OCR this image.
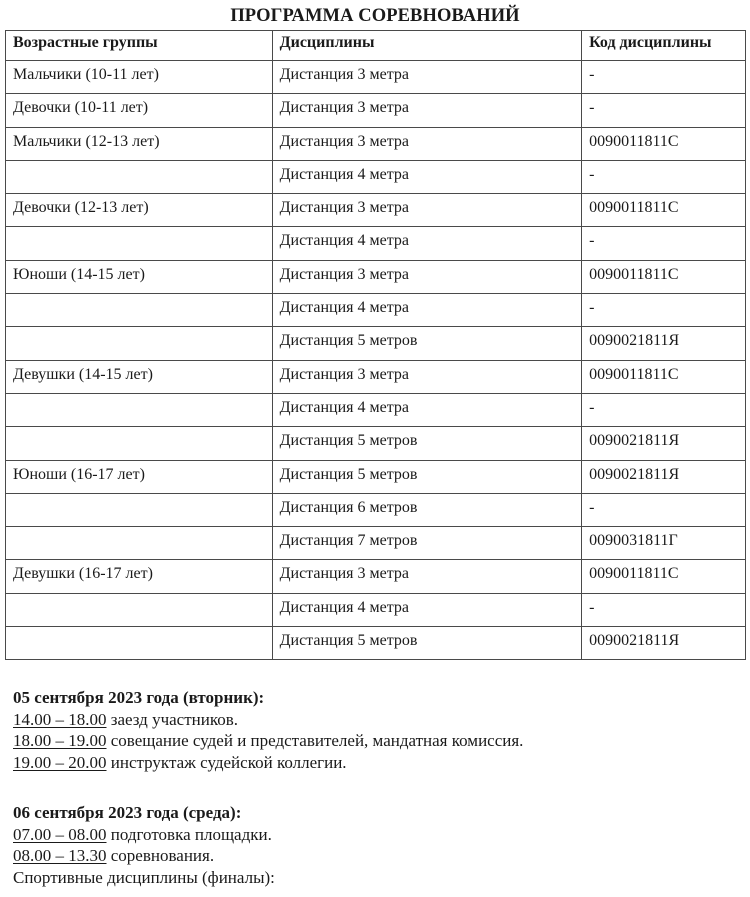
ПРОГРАММА СОРЕВНОВАНИЙ
Возрастные группы	Дисциплины	Код дисциплины
Мальчики (10-11 лет)	Дистанция 3 метра	-
Девочки (10-11 лет)	Дистанция 3 метра	-
Мальчики (12-13 лет)	Дистанция 3 метра	0090011811С
	Дистанция 4 метра	-
Девочки (12-13 лет)	Дистанция 3 метра	0090011811С
	Дистанция 4 метра	-
Юноши (14-15 лет)	Дистанция 3 метра	0090011811С
	Дистанция 4 метра	-
	Дистанция 5 метров	0090021811Я
Девушки (14-15 лет)	Дистанция 3 метра	0090011811С
	Дистанция 4 метра	-
	Дистанция 5 метров	0090021811Я
Юноши (16-17 лет)	Дистанция 5 метров	0090021811Я
	Дистанция 6 метров	-
	Дистанция 7 метров	0090031811Г
Девушки (16-17 лет)	Дистанция 3 метра	0090011811С
	Дистанция 4 метра	-
	Дистанция 5 метров	0090021811Я
05 сентября 2023 года (вторник):
14.00 – 18.00 заезд участников.
18.00 – 19.00 совещание судей и представителей, мандатная комиссия.
19.00 – 20.00 инструктаж судейской коллегии.
06 сентября 2023 года (среда):
07.00 – 08.00 подготовка площадки.
08.00 – 13.30 соревнования.
Спортивные дисциплины (финалы):
